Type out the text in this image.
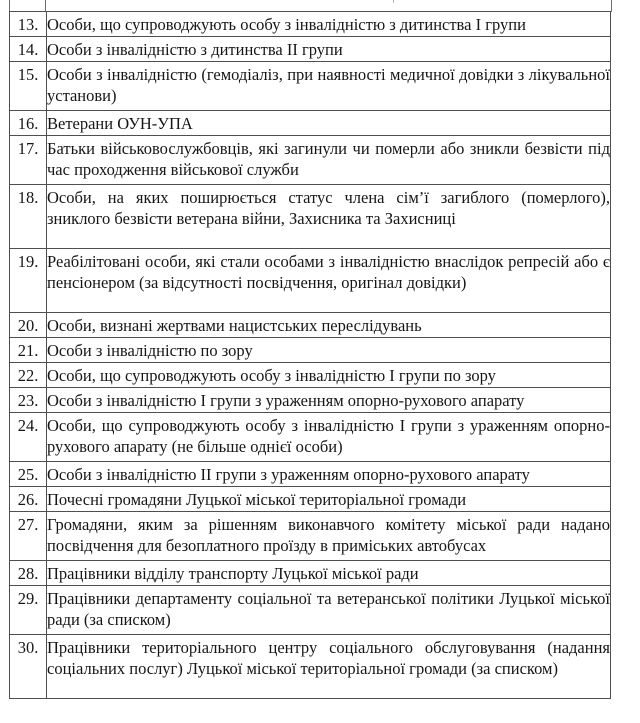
13.	Особи, що супроводжують особу з інвалідністю з дитинства І групи
14.	Особи з інвалідністю з дитинства ІІ групи
15.	Особи з інвалідністю (гемодіаліз, при наявності медичної довідки з лікувальної установи)
16.	Ветерани ОУН-УПА
17.	Батьки військовослужбовців, які загинули чи померли або зникли безвісти під час проходження військової служби
18.	Особи, на яких поширюється статус члена сім’ї загиблого (померлого), зниклого безвісти ветерана війни, Захисника та Захисниці
19.	Реабілітовані особи, які стали особами з інвалідністю внаслідок репресій або є пенсіонером (за відсутності посвідчення, оригінал довідки)
20.	Особи, визнані жертвами нацистських переслідувань
21.	Особи з інвалідністю по зору
22.	Особи, що супроводжують особу з інвалідністю І групи по зору
23.	Особи з інвалідністю І групи з ураженням опорно-рухового апарату
24.	Особи, що супроводжують особу з інвалідністю І групи з ураженням опорно-рухового апарату (не більше однієї особи)
25.	Особи з інвалідністю ІІ групи з ураженням опорно-рухового апарату
26.	Почесні громадяни Луцької міської територіальної громади
27.	Громадяни, яким за рішенням виконавчого комітету міської ради надано посвідчення для безоплатного проїзду в приміських автобусах
28.	Працівники відділу транспорту Луцької міської ради
29.	Працівники департаменту соціальної та ветеранської політики Луцької міської ради (за списком)
30.	Працівники територіального центру соціального обслуговування (надання соціальних послуг) Луцької міської територіальної громади (за списком)
